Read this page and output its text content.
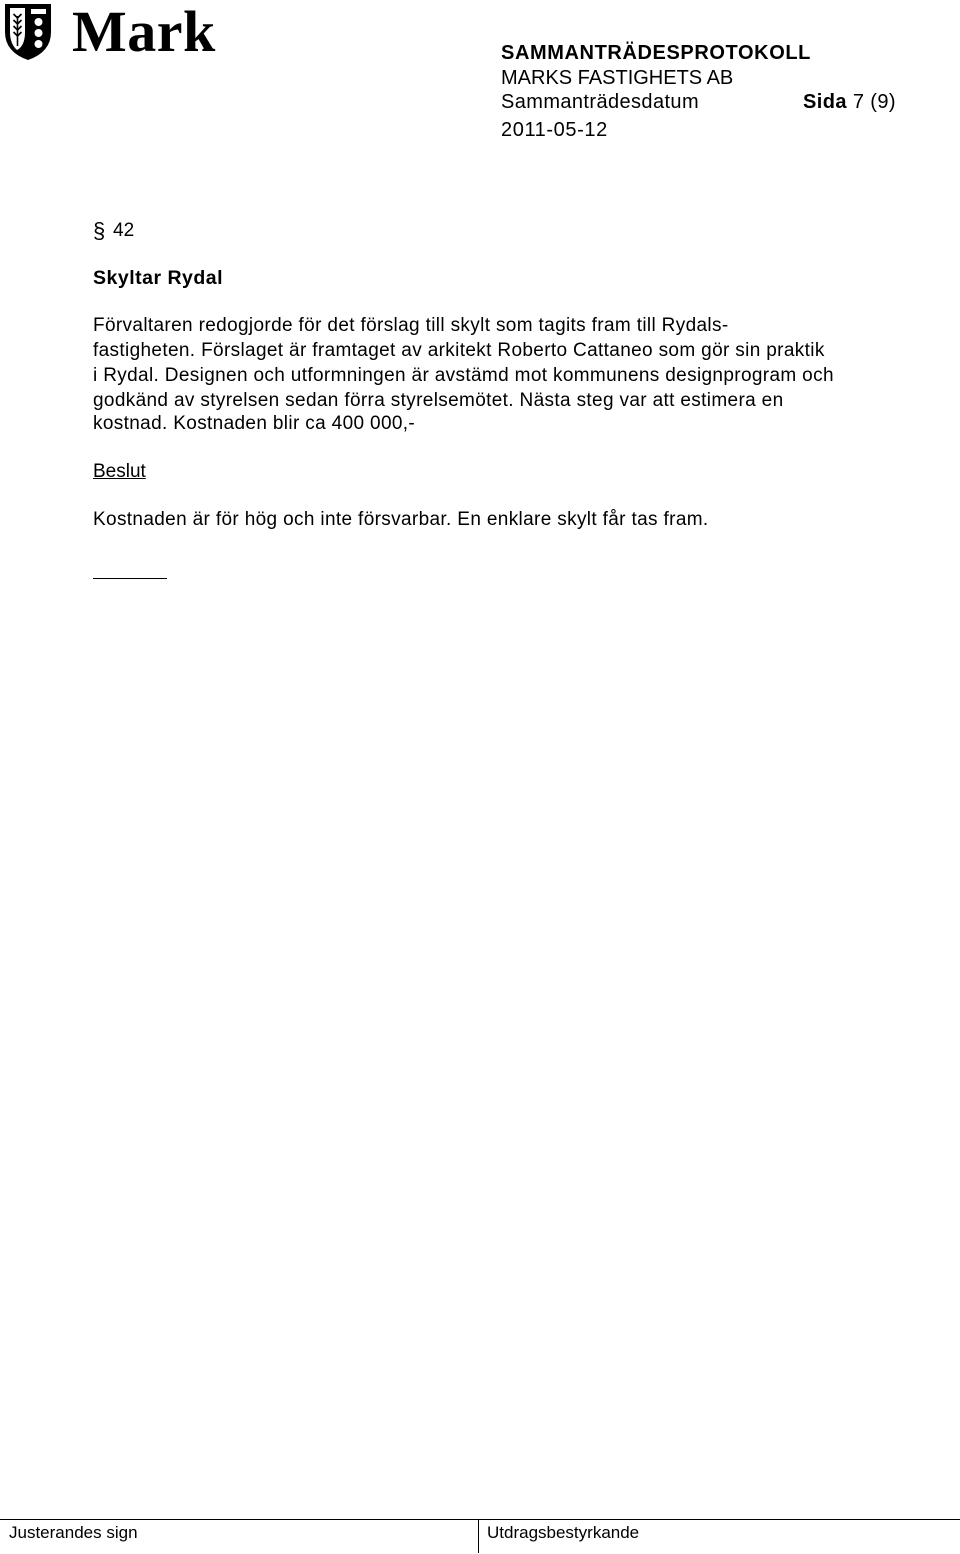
Mark	SAMMANTRÄDESPROTOKOLL
MARKS FASTIGHETS AB
Sammanträdesdatum	Sida 7 (9)
2011-05-12
§ 42
Skyltar Rydal
Förvaltaren redogjorde för det förslag till skylt som tagits fram till Rydals-
fastigheten. Förslaget är framtaget av arkitekt Roberto Cattaneo som gör sin praktik
i Rydal. Designen och utformningen är avstämd mot kommunens designprogram och
godkänd av styrelsen sedan förra styrelsemötet. Nästa steg var att estimera en
kostnad. Kostnaden blir ca 400 000,-
Beslut
Kostnaden är för hög och inte försvarbar. En enklare skylt får tas fram.
Justerandes sign	Utdragsbestyrkande
